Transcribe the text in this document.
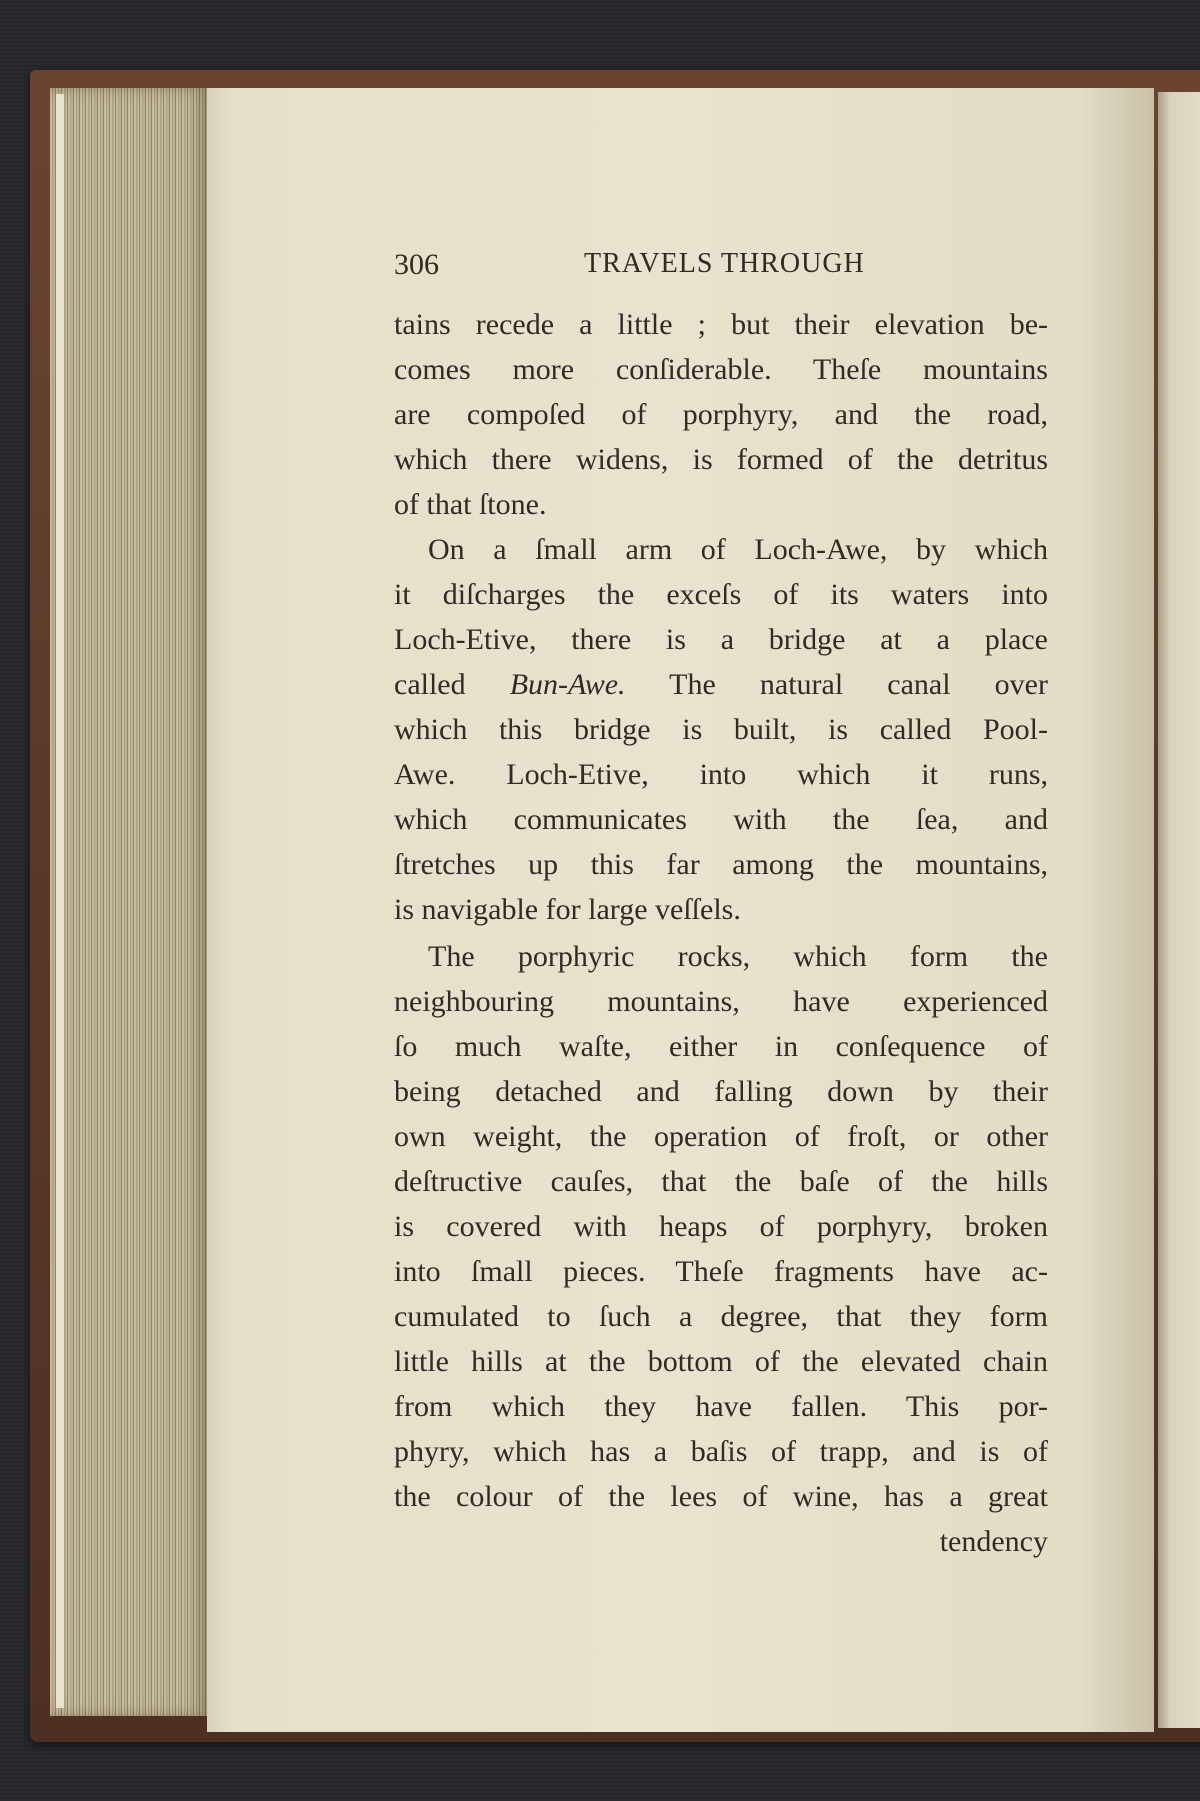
306	TRAVELS THROUGH
tains recede a little ; but their elevation be-
comes more conſiderable. Theſe mountains
are compoſed of porphyry, and the road,
which there widens, is formed of the detritus
of that ſtone.
On a ſmall arm of Loch-Awe, by which
it diſcharges the exceſs of its waters into
Loch-Etive, there is a bridge at a place
called Bun-Awe. The natural canal over
which this bridge is built, is called Pool-
Awe. Loch-Etive, into which it runs,
which communicates with the ſea, and
ſtretches up this far among the mountains,
is navigable for large veſſels.
The porphyric rocks, which form the
neighbouring mountains, have experienced
ſo much waſte, either in conſequence of
being detached and falling down by their
own weight, the operation of froſt, or other
deſtructive cauſes, that the baſe of the hills
is covered with heaps of porphyry, broken
into ſmall pieces. Theſe fragments have ac-
cumulated to ſuch a degree, that they form
little hills at the bottom of the elevated chain
from which they have fallen. This por-
phyry, which has a baſis of trapp, and is of
the colour of the lees of wine, has a great
tendency
